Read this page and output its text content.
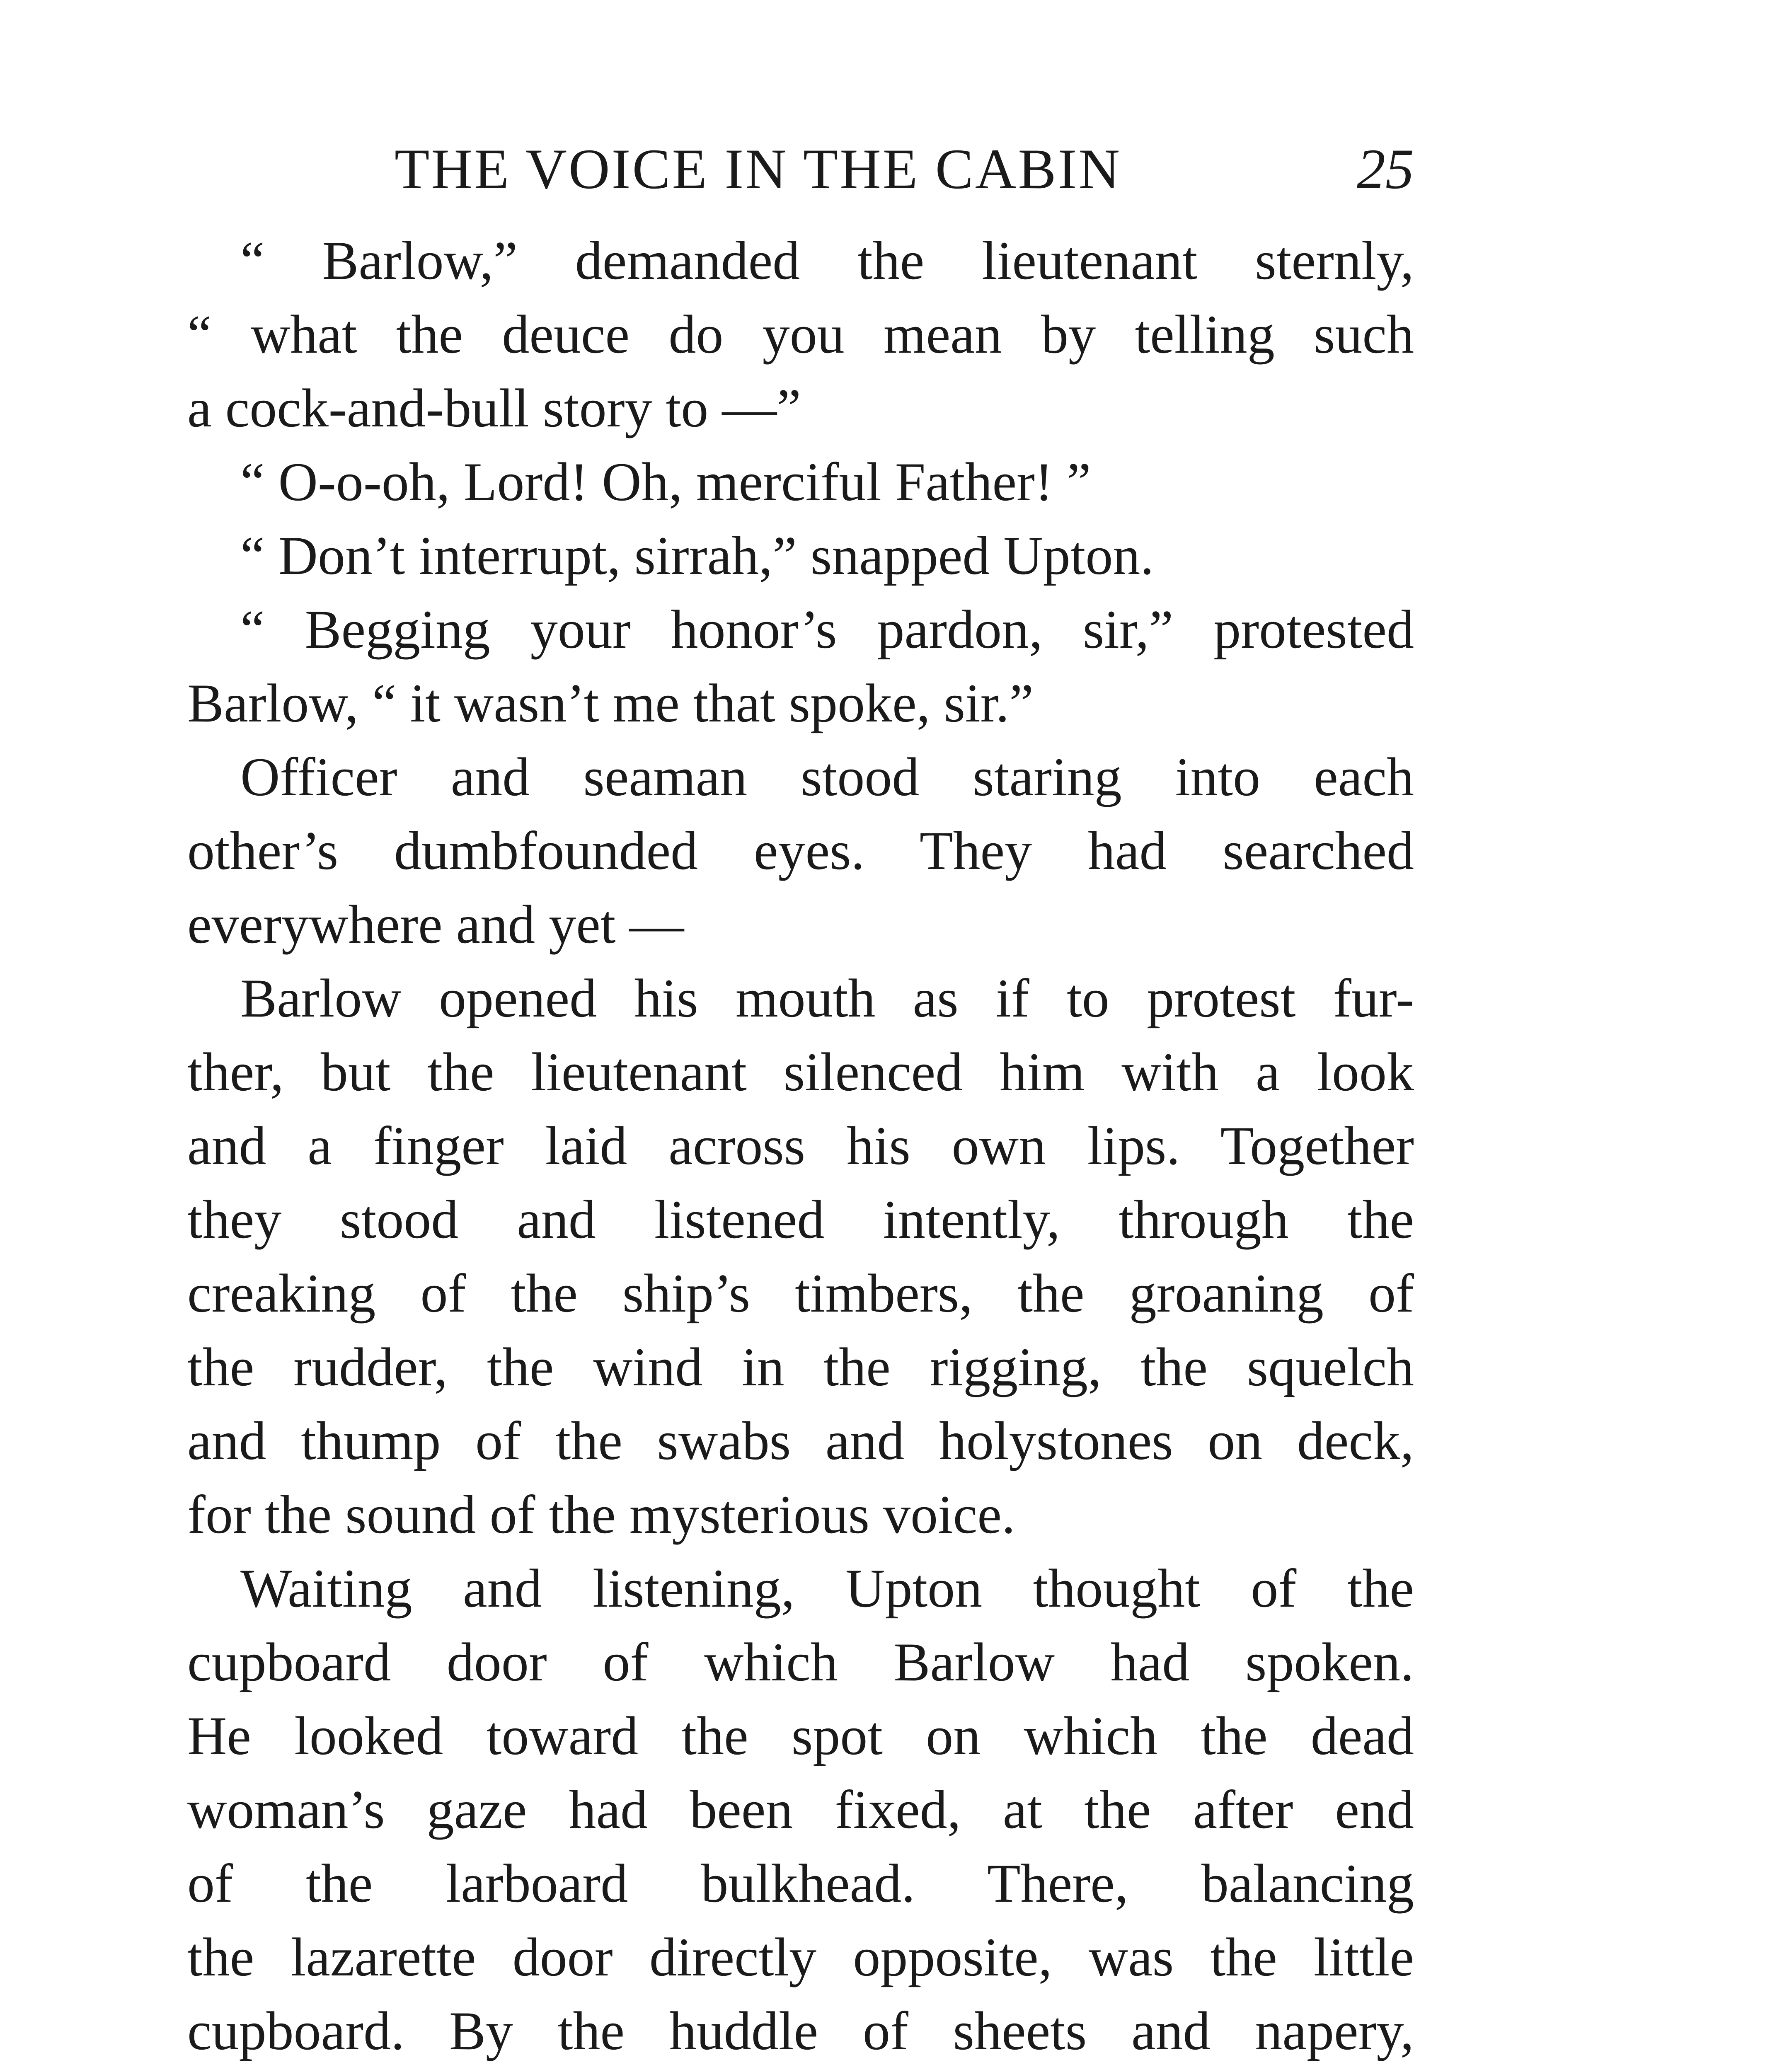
THE VOICE IN THE CABIN	25
“ Barlow,” demanded the lieutenant sternly,
“ what the deuce do you mean by telling such
a cock-and-bull story to —”
“ O-o-oh, Lord! Oh, merciful Father! ”
“ Don’t interrupt, sirrah,” snapped Upton.
“ Begging your honor’s pardon, sir,” protested
Barlow, “ it wasn’t me that spoke, sir.”
Officer and seaman stood staring into each
other’s dumbfounded eyes. They had searched
everywhere and yet —
Barlow opened his mouth as if to protest fur-
ther, but the lieutenant silenced him with a look
and a finger laid across his own lips. Together
they stood and listened intently, through the
creaking of the ship’s timbers, the groaning of
the rudder, the wind in the rigging, the squelch
and thump of the swabs and holystones on deck,
for the sound of the mysterious voice.
Waiting and listening, Upton thought of the
cupboard door of which Barlow had spoken.
He looked toward the spot on which the dead
woman’s gaze had been fixed, at the after end
of the larboard bulkhead. There, balancing
the lazarette door directly opposite, was the little
cupboard. By the huddle of sheets and napery,
